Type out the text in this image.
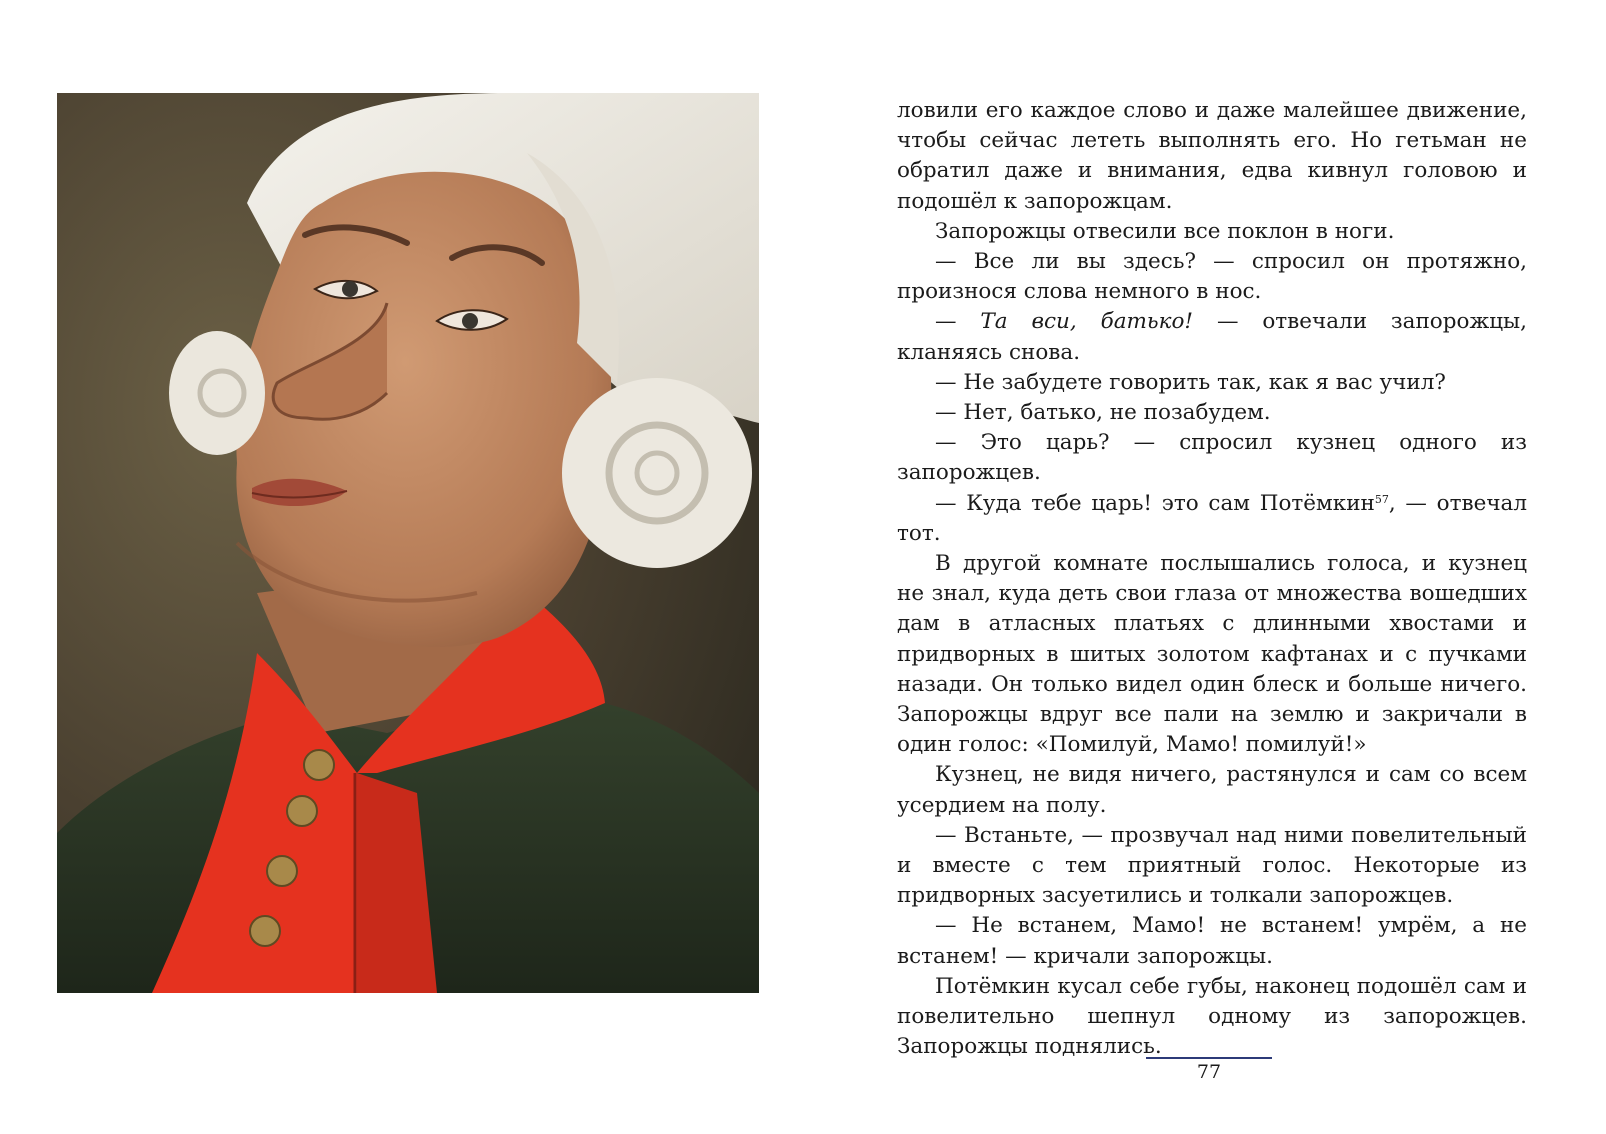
ловили его каждое слово и даже малейшее движение, чтобы сейчас лететь выполнять его. Но гетьман не обратил даже и внимания, едва кивнул головою и подошёл к запорожцам.

Запорожцы отвесили все поклон в ноги.

— Все ли вы здесь? — спросил он протяжно, произнося слова немного в нос.

— Та вси, батько! — отвечали запорожцы, кланяясь снова.

— Не забудете говорить так, как я вас учил?

— Нет, батько, не позабудем.

— Это царь? — спросил кузнец одного из запорожцев.

— Куда тебе царь! это сам Потёмкин$^{57}$, — отвечал тот.

В другой комнате послышались голоса, и кузнец не знал, куда деть свои глаза от множества вошедших дам в атласных платьях с длинными хвостами и придворных в шитых золотом кафтанах и с пучками назади. Он только видел один блеск и больше ничего. Запорожцы вдруг все пали на землю и закричали в один голос: «Помилуй, Мамо! помилуй!»

Кузнец, не видя ничего, растянулся и сам со всем усердием на полу.

— Встаньте, — прозвучал над ними повелительный и вместе с тем приятный голос. Некоторые из придворных засуетились и толкали запорожцев.

— Не встанем, Мамо! не встанем! умрём, а не встанем! — кричали запорожцы.

Потёмкин кусал себе губы, наконец подошёл сам и повелительно шепнул одному из запорожцев. Запорожцы поднялись.

77
